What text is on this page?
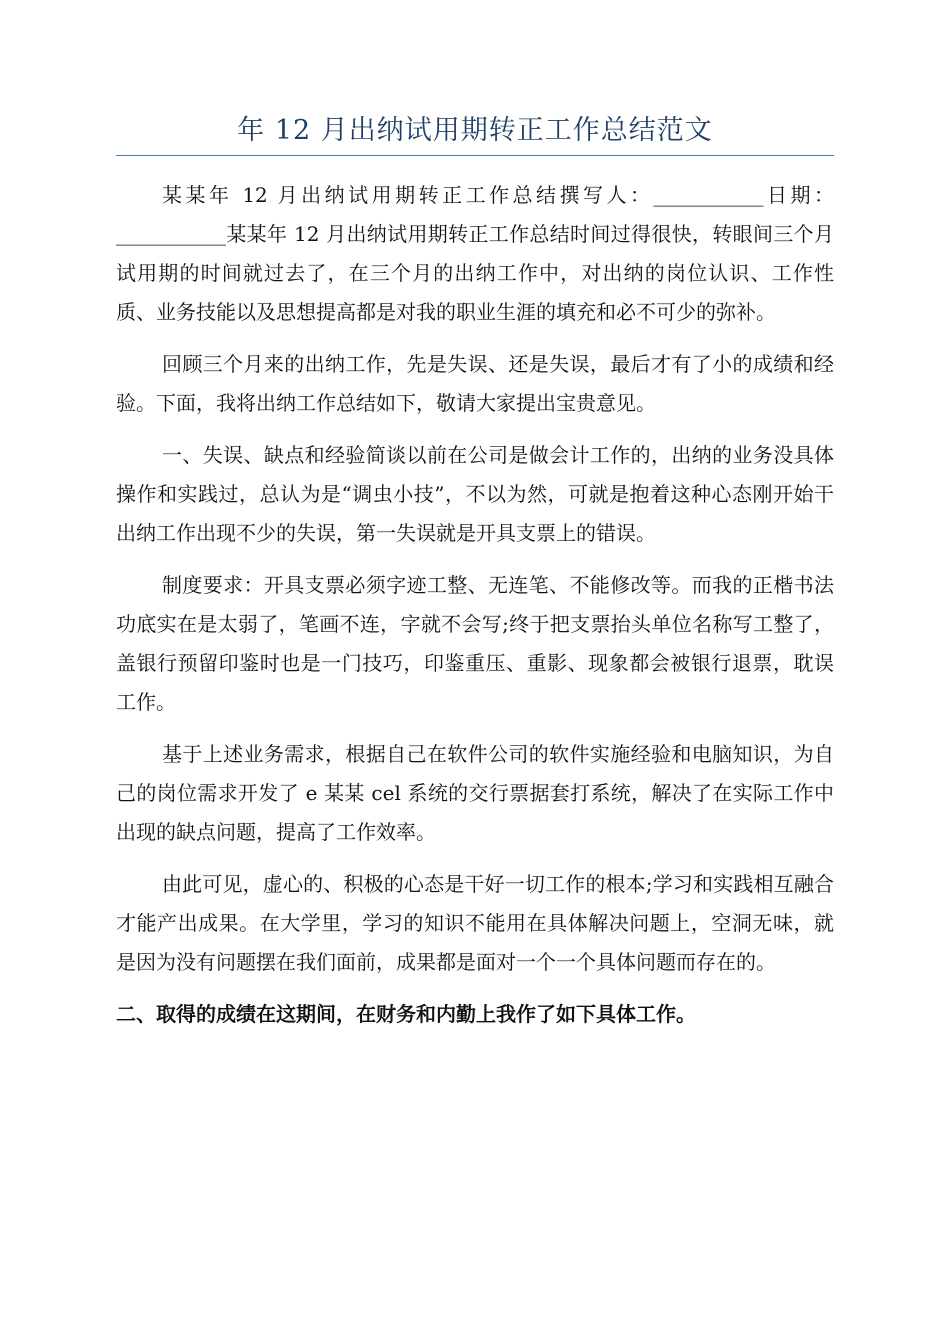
年 12 月出纳试用期转正工作总结范文

某某年 12 月出纳试用期转正工作总结撰写人：___________日期：___________某某年 12 月出纳试用期转正工作总结时间过得很快，转眼间三个月试用期的时间就过去了，在三个月的出纳工作中，对出纳的岗位认识、工作性质、业务技能以及思想提高都是对我的职业生涯的填充和必不可少的弥补。

回顾三个月来的出纳工作，先是失误、还是失误，最后才有了小的成绩和经验。下面，我将出纳工作总结如下，敬请大家提出宝贵意见。

一、失误、缺点和经验简谈以前在公司是做会计工作的，出纳的业务没具体操作和实践过，总认为是“调虫小技”，不以为然，可就是抱着这种心态刚开始干出纳工作出现不少的失误，第一失误就是开具支票上的错误。

制度要求：开具支票必须字迹工整、无连笔、不能修改等。而我的正楷书法功底实在是太弱了，笔画不连，字就不会写;终于把支票抬头单位名称写工整了，盖银行预留印鉴时也是一门技巧，印鉴重压、重影、现象都会被银行退票，耽误工作。

基于上述业务需求，根据自己在软件公司的软件实施经验和电脑知识，为自己的岗位需求开发了 e 某某 cel 系统的交行票据套打系统，解决了在实际工作中出现的缺点问题，提高了工作效率。

由此可见，虚心的、积极的心态是干好一切工作的根本;学习和实践相互融合才能产出成果。在大学里，学习的知识不能用在具体解决问题上，空洞无味，就是因为没有问题摆在我们面前，成果都是面对一个一个具体问题而存在的。

二、取得的成绩在这期间，在财务和内勤上我作了如下具体工作。
